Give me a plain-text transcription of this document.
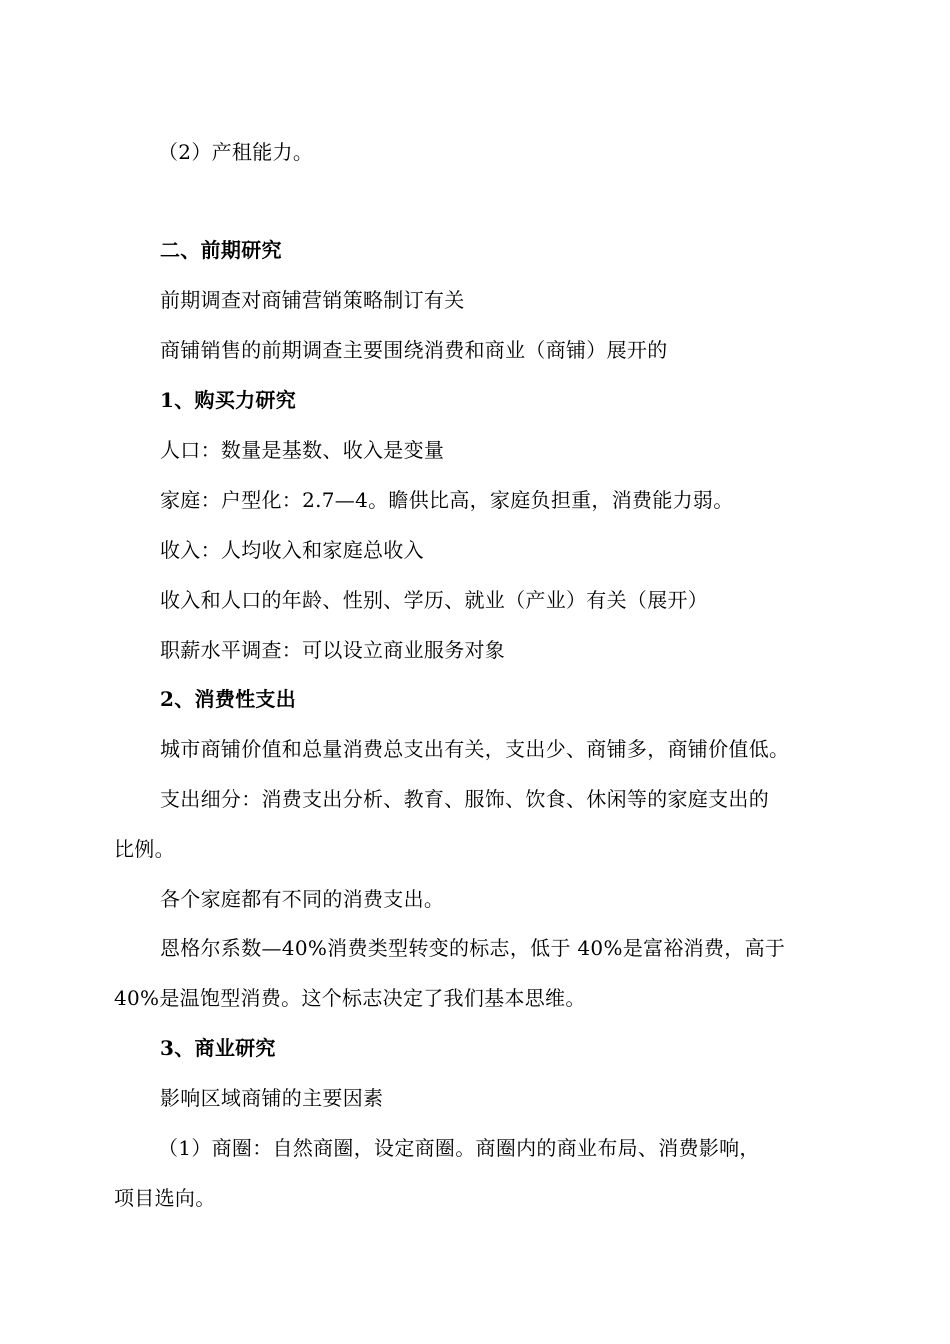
（2）产租能力。
二、前期研究
前期调查对商铺营销策略制订有关
商铺销售的前期调查主要围绕消费和商业（商铺）展开的
1、购买力研究
人口：数量是基数、收入是变量
家庭：户型化：2.7—4。瞻供比高，家庭负担重，消费能力弱。
收入：人均收入和家庭总收入
收入和人口的年龄、性别、学历、就业（产业）有关（展开）
职薪水平调查：可以设立商业服务对象
2、消费性支出
城市商铺价值和总量消费总支出有关，支出少、商铺多，商铺价值低。
支出细分：消费支出分析、教育、服饰、饮食、休闲等的家庭支出的
比例。
各个家庭都有不同的消费支出。
恩格尔系数—40%消费类型转变的标志，低于 40%是富裕消费，高于
40%是温饱型消费。这个标志决定了我们基本思维。
3、商业研究
影响区域商铺的主要因素
（1）商圈：自然商圈，设定商圈。商圈内的商业布局、消费影响，
项目选向。
